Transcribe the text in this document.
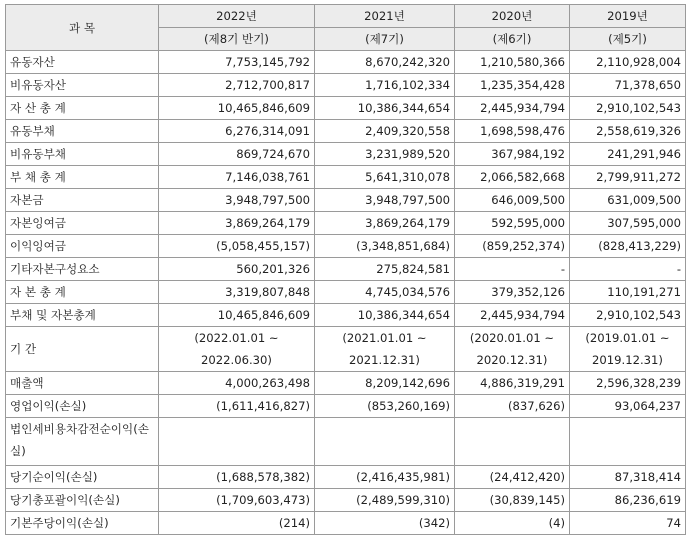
과 목	2022년	2021년	2020년	2019년
	(제8기 반기)	(제7기)	(제6기)	(제5기)
유동자산	7,753,145,792	8,670,242,320	1,210,580,366	2,110,928,004
비유동자산	2,712,700,817	1,716,102,334	1,235,354,428	71,378,650
자 산 총 계	10,465,846,609	10,386,344,654	2,445,934,794	2,910,102,543
유동부채	6,276,314,091	2,409,320,558	1,698,598,476	2,558,619,326
비유동부채	869,724,670	3,231,989,520	367,984,192	241,291,946
부 채 총 계	7,146,038,761	5,641,310,078	2,066,582,668	2,799,911,272
자본금	3,948,797,500	3,948,797,500	646,009,500	631,009,500
자본잉여금	3,869,264,179	3,869,264,179	592,595,000	307,595,000
이익잉여금	(5,058,455,157)	(3,348,851,684)	(859,252,374)	(828,413,229)
기타자본구성요소	560,201,326	275,824,581	-	-
자 본 총 계	3,319,807,848	4,745,034,576	379,352,126	110,191,271
부채 및 자본총계	10,465,846,609	10,386,344,654	2,445,934,794	2,910,102,543
기 간	(2022.01.01 ~ 2022.06.30)	(2021.01.01 ~ 2021.12.31)	(2020.01.01 ~ 2020.12.31)	(2019.01.01 ~ 2019.12.31)
매출액	4,000,263,498	8,209,142,696	4,886,319,291	2,596,328,239
영업이익(손실)	(1,611,416,827)	(853,260,169)	(837,626)	93,064,237
법인세비용차감전순이익(손실)				
당기순이익(손실)	(1,688,578,382)	(2,416,435,981)	(24,412,420)	87,318,414
당기총포괄이익(손실)	(1,709,603,473)	(2,489,599,310)	(30,839,145)	86,236,619
기본주당이익(손실)	(214)	(342)	(4)	74
